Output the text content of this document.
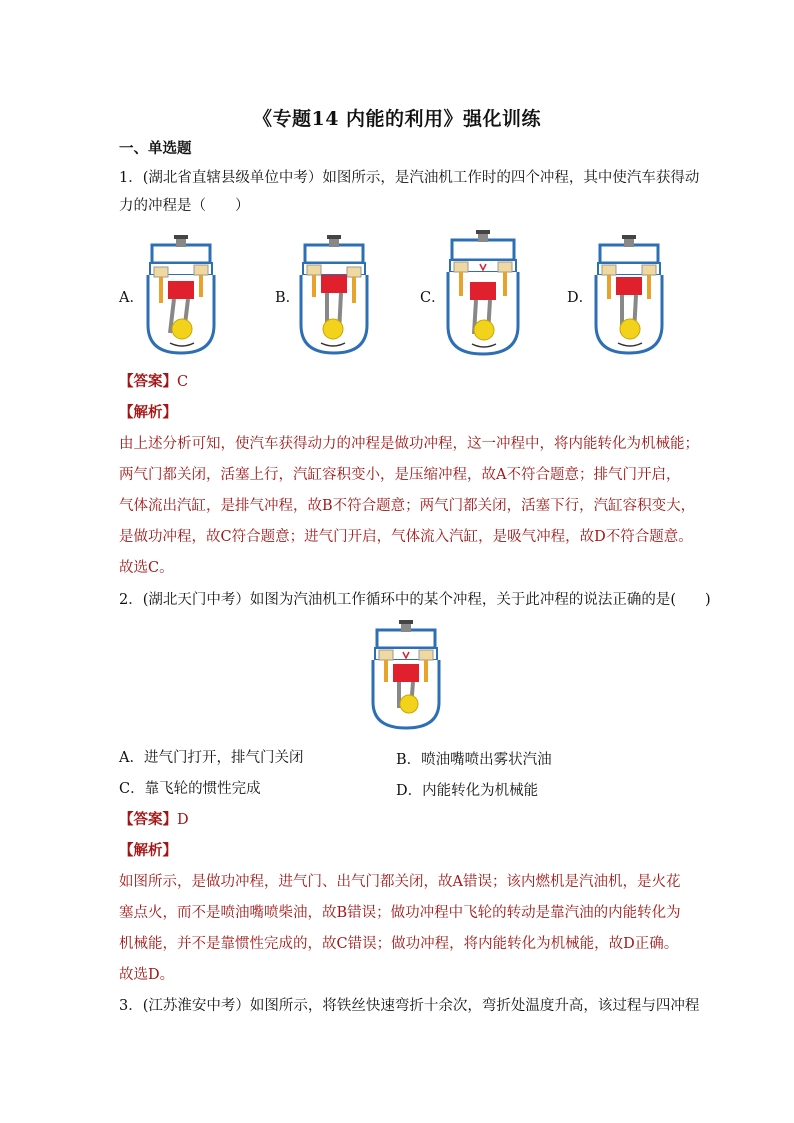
《专题14 内能的利用》强化训练
一、单选题
1．(湖北省直辖县级单位中考）如图所示，是汽油机工作时的四个冲程，其中使汽车获得动
力的冲程是（　　）
A．	B．	C．	D．
【答案】C
【解析】
由上述分析可知，使汽车获得动力的冲程是做功冲程，这一冲程中，将内能转化为机械能；
两气门都关闭，活塞上行，汽缸容积变小，是压缩冲程，故A不符合题意；排气门开启，
气体流出汽缸，是排气冲程，故B不符合题意；两气门都关闭，活塞下行，汽缸容积变大，
是做功冲程，故C符合题意；进气门开启，气体流入汽缸，是吸气冲程，故D不符合题意。
故选C。
2．(湖北天门中考）如图为汽油机工作循环中的某个冲程，关于此冲程的说法正确的是(　　)
A．进气门打开，排气门关闭	B．喷油嘴喷出雾状汽油
C．靠飞轮的惯性完成	D．内能转化为机械能
【答案】D
【解析】
如图所示，是做功冲程，进气门、出气门都关闭，故A错误；该内燃机是汽油机，是火花
塞点火，而不是喷油嘴喷柴油，故B错误；做功冲程中飞轮的转动是靠汽油的内能转化为
机械能，并不是靠惯性完成的，故C错误；做功冲程，将内能转化为机械能，故D正确。
故选D。
3．(江苏淮安中考）如图所示，将铁丝快速弯折十余次，弯折处温度升高，该过程与四冲程
